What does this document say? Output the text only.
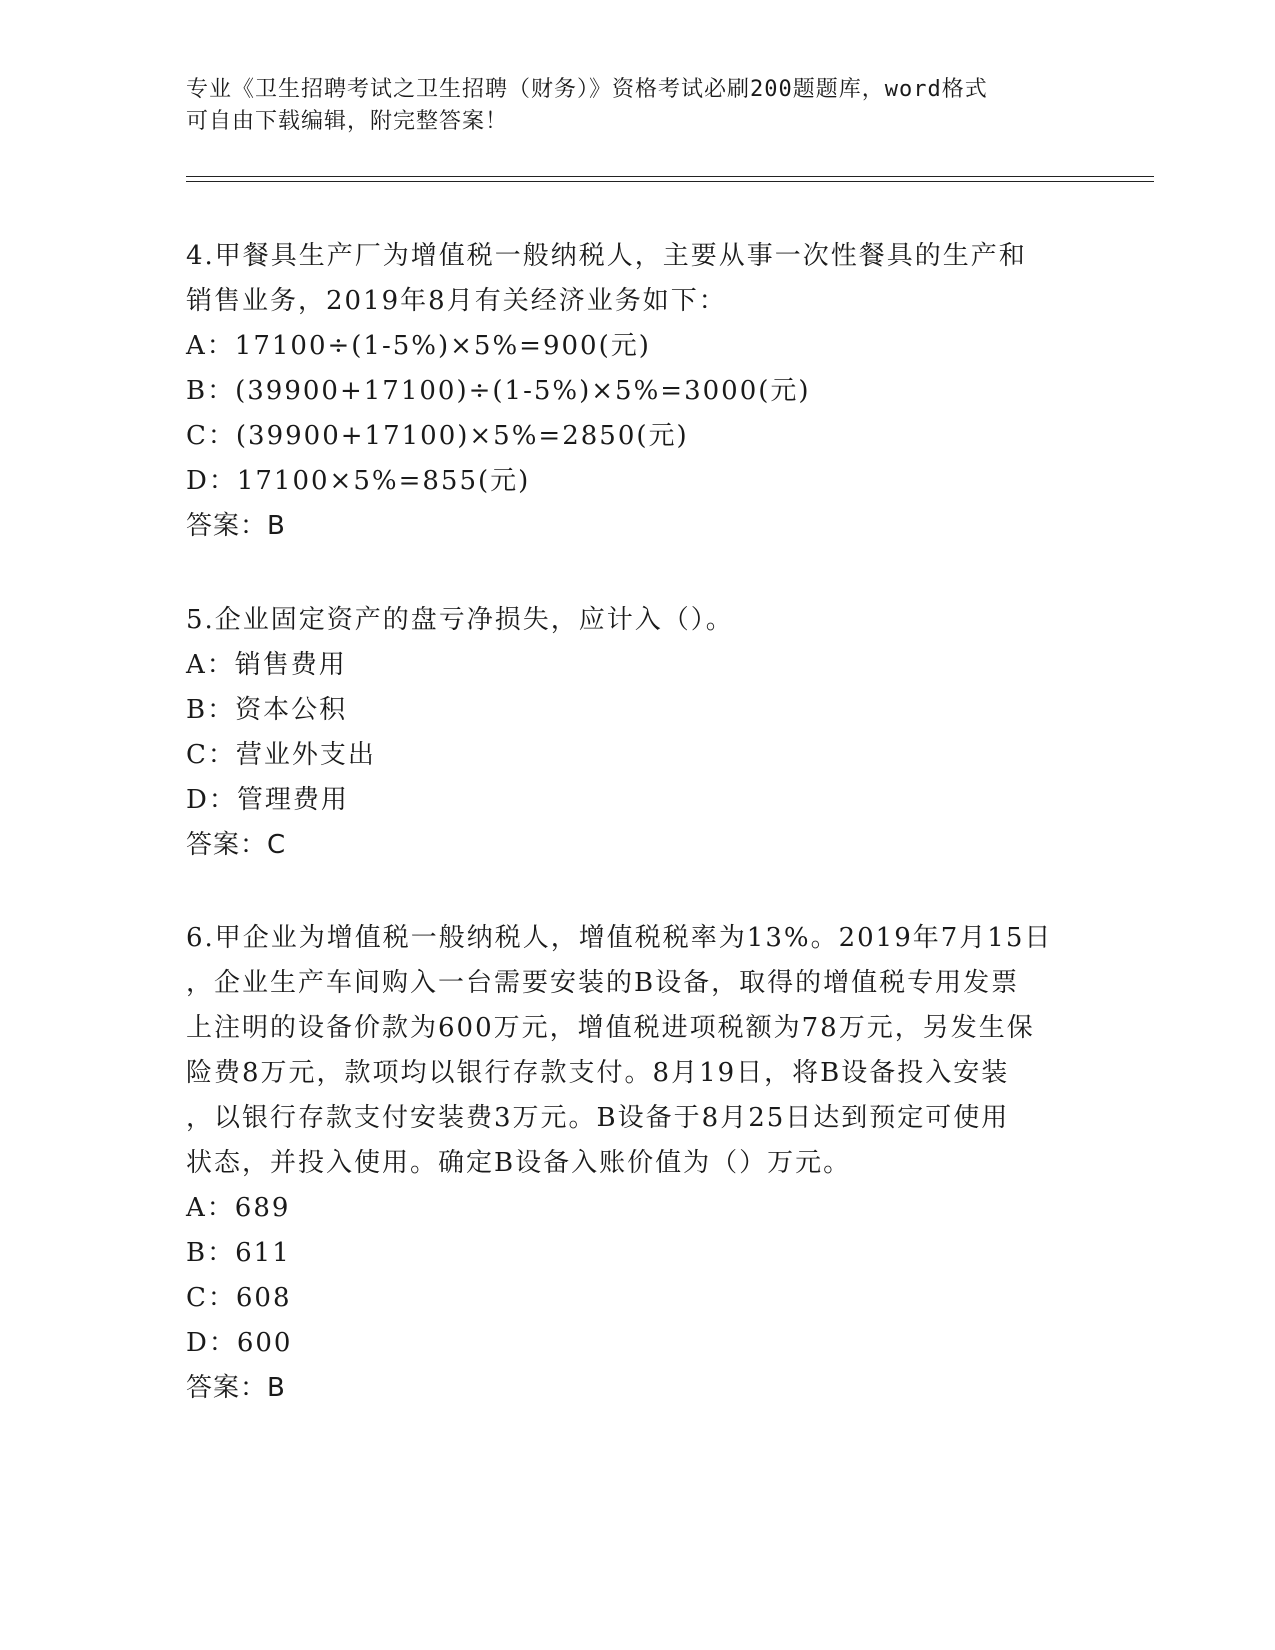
专业《卫生招聘考试之卫生招聘（财务）》资格考试必刷200题题库，word格式
可自由下载编辑，附完整答案！
4.甲餐具生产厂为增值税一般纳税人，主要从事一次性餐具的生产和
销售业务，2019年8月有关经济业务如下：
A：17100÷(1-5%)×5%=900(元)
B：(39900+17100)÷(1-5%)×5%=3000(元)
C：(39900+17100)×5%=2850(元)
D：17100×5%=855(元)
答案：B
5.企业固定资产的盘亏净损失，应计入（）。
A：销售费用
B：资本公积
C：营业外支出
D：管理费用
答案：C
6.甲企业为增值税一般纳税人，增值税税率为13%。2019年7月15日
，企业生产车间购入一台需要安装的B设备，取得的增值税专用发票
上注明的设备价款为600万元，增值税进项税额为78万元，另发生保
险费8万元，款项均以银行存款支付。8月19日，将B设备投入安装
，以银行存款支付安装费3万元。B设备于8月25日达到预定可使用
状态，并投入使用。确定B设备入账价值为（）万元。
A：689
B：611
C：608
D：600
答案：B
